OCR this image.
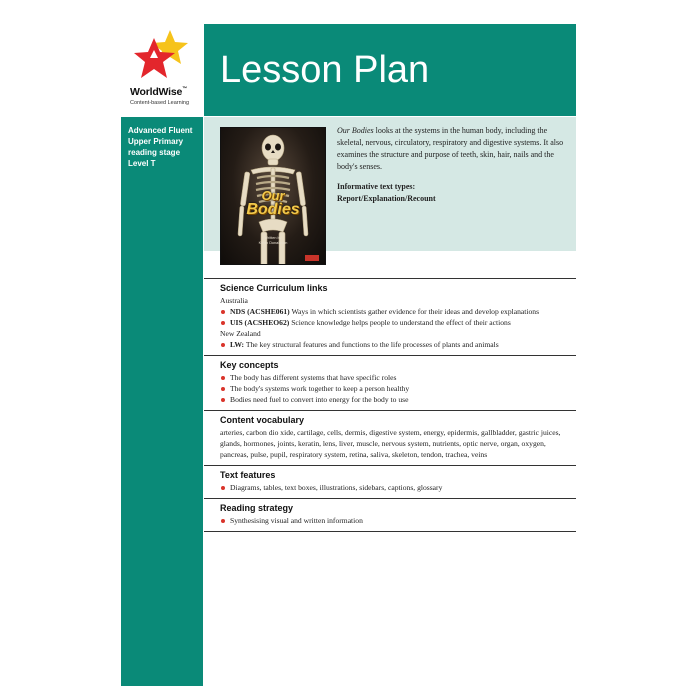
WorldWise™
Content-based Learning
Lesson Plan
Advanced Fluent
Upper Primary
reading stage
Level T
Our
Bodies
Written by
Kevin Donaldson

Our Bodies looks at the systems in the human body, including the skeletal, nervous, circulatory, respiratory and digestive systems. It also examines the structure and purpose of teeth, skin, hair, nails and the body's senses.

Informative text types:
Report/Explanation/Recount
Science Curriculum links
Australia
NDS (ACSHE061) Ways in which scientists gather evidence for their ideas and develop explanations
UIS (ACSHEO62) Science knowledge helps people to understand the effect of their actions
New Zealand
LW: The key structural features and functions to the life processes of plants and animals
Key concepts
The body has different systems that have specific roles
The body's systems work together to keep a person healthy
Bodies need fuel to convert into energy for the body to use
Content vocabulary
arteries, carbon dio xide, cartilage, cells, dermis, digestive system, energy, epidermis, gallbladder, gastric juices, glands, hormones, joints, keratin, lens, liver, muscle, nervous system, nutrients, optic nerve, organ, oxygen, pancreas, pulse, pupil, respiratory system, retina, saliva, skeleton, tendon, trachea, veins
Text features
Diagrams, tables, text boxes, illustrations, sidebars, captions, glossary
Reading strategy
Synthesising visual and written information
